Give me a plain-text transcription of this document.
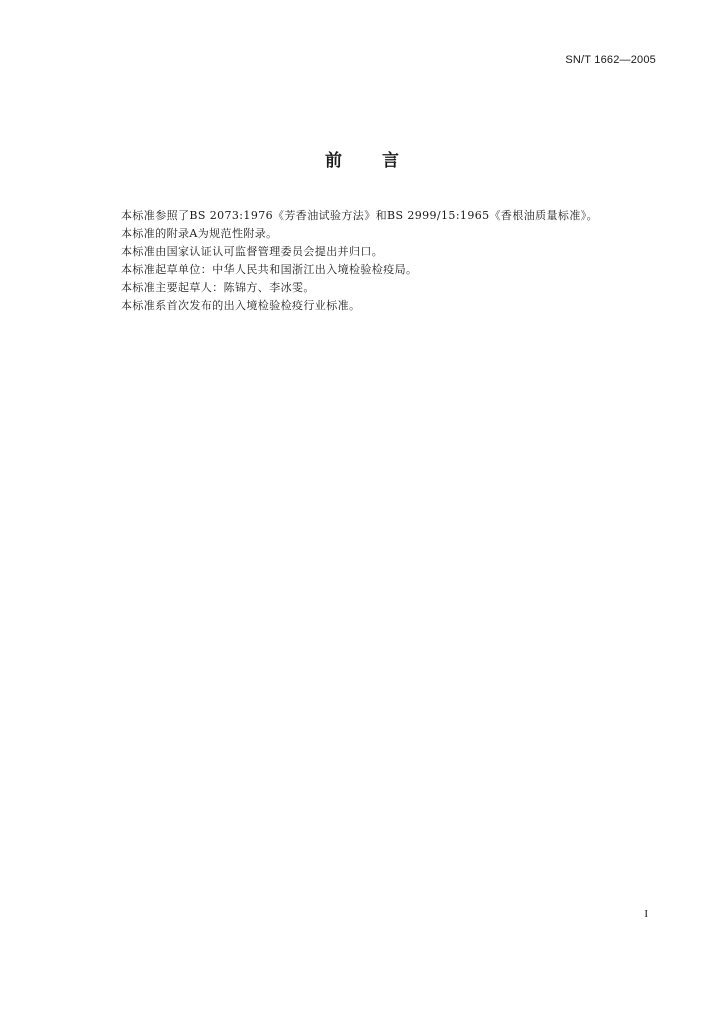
SN/T 1662—2005
前言
本标准参照了BS 2073:1976《芳香油试验方法》和BS 2999/15:1965《香根油质量标准》。
本标准的附录A为规范性附录。
本标准由国家认证认可监督管理委员会提出并归口。
本标准起草单位：中华人民共和国浙江出入境检验检疫局。
本标准主要起草人：陈锦方、李冰雯。
本标准系首次发布的出入境检验检疫行业标准。
I
